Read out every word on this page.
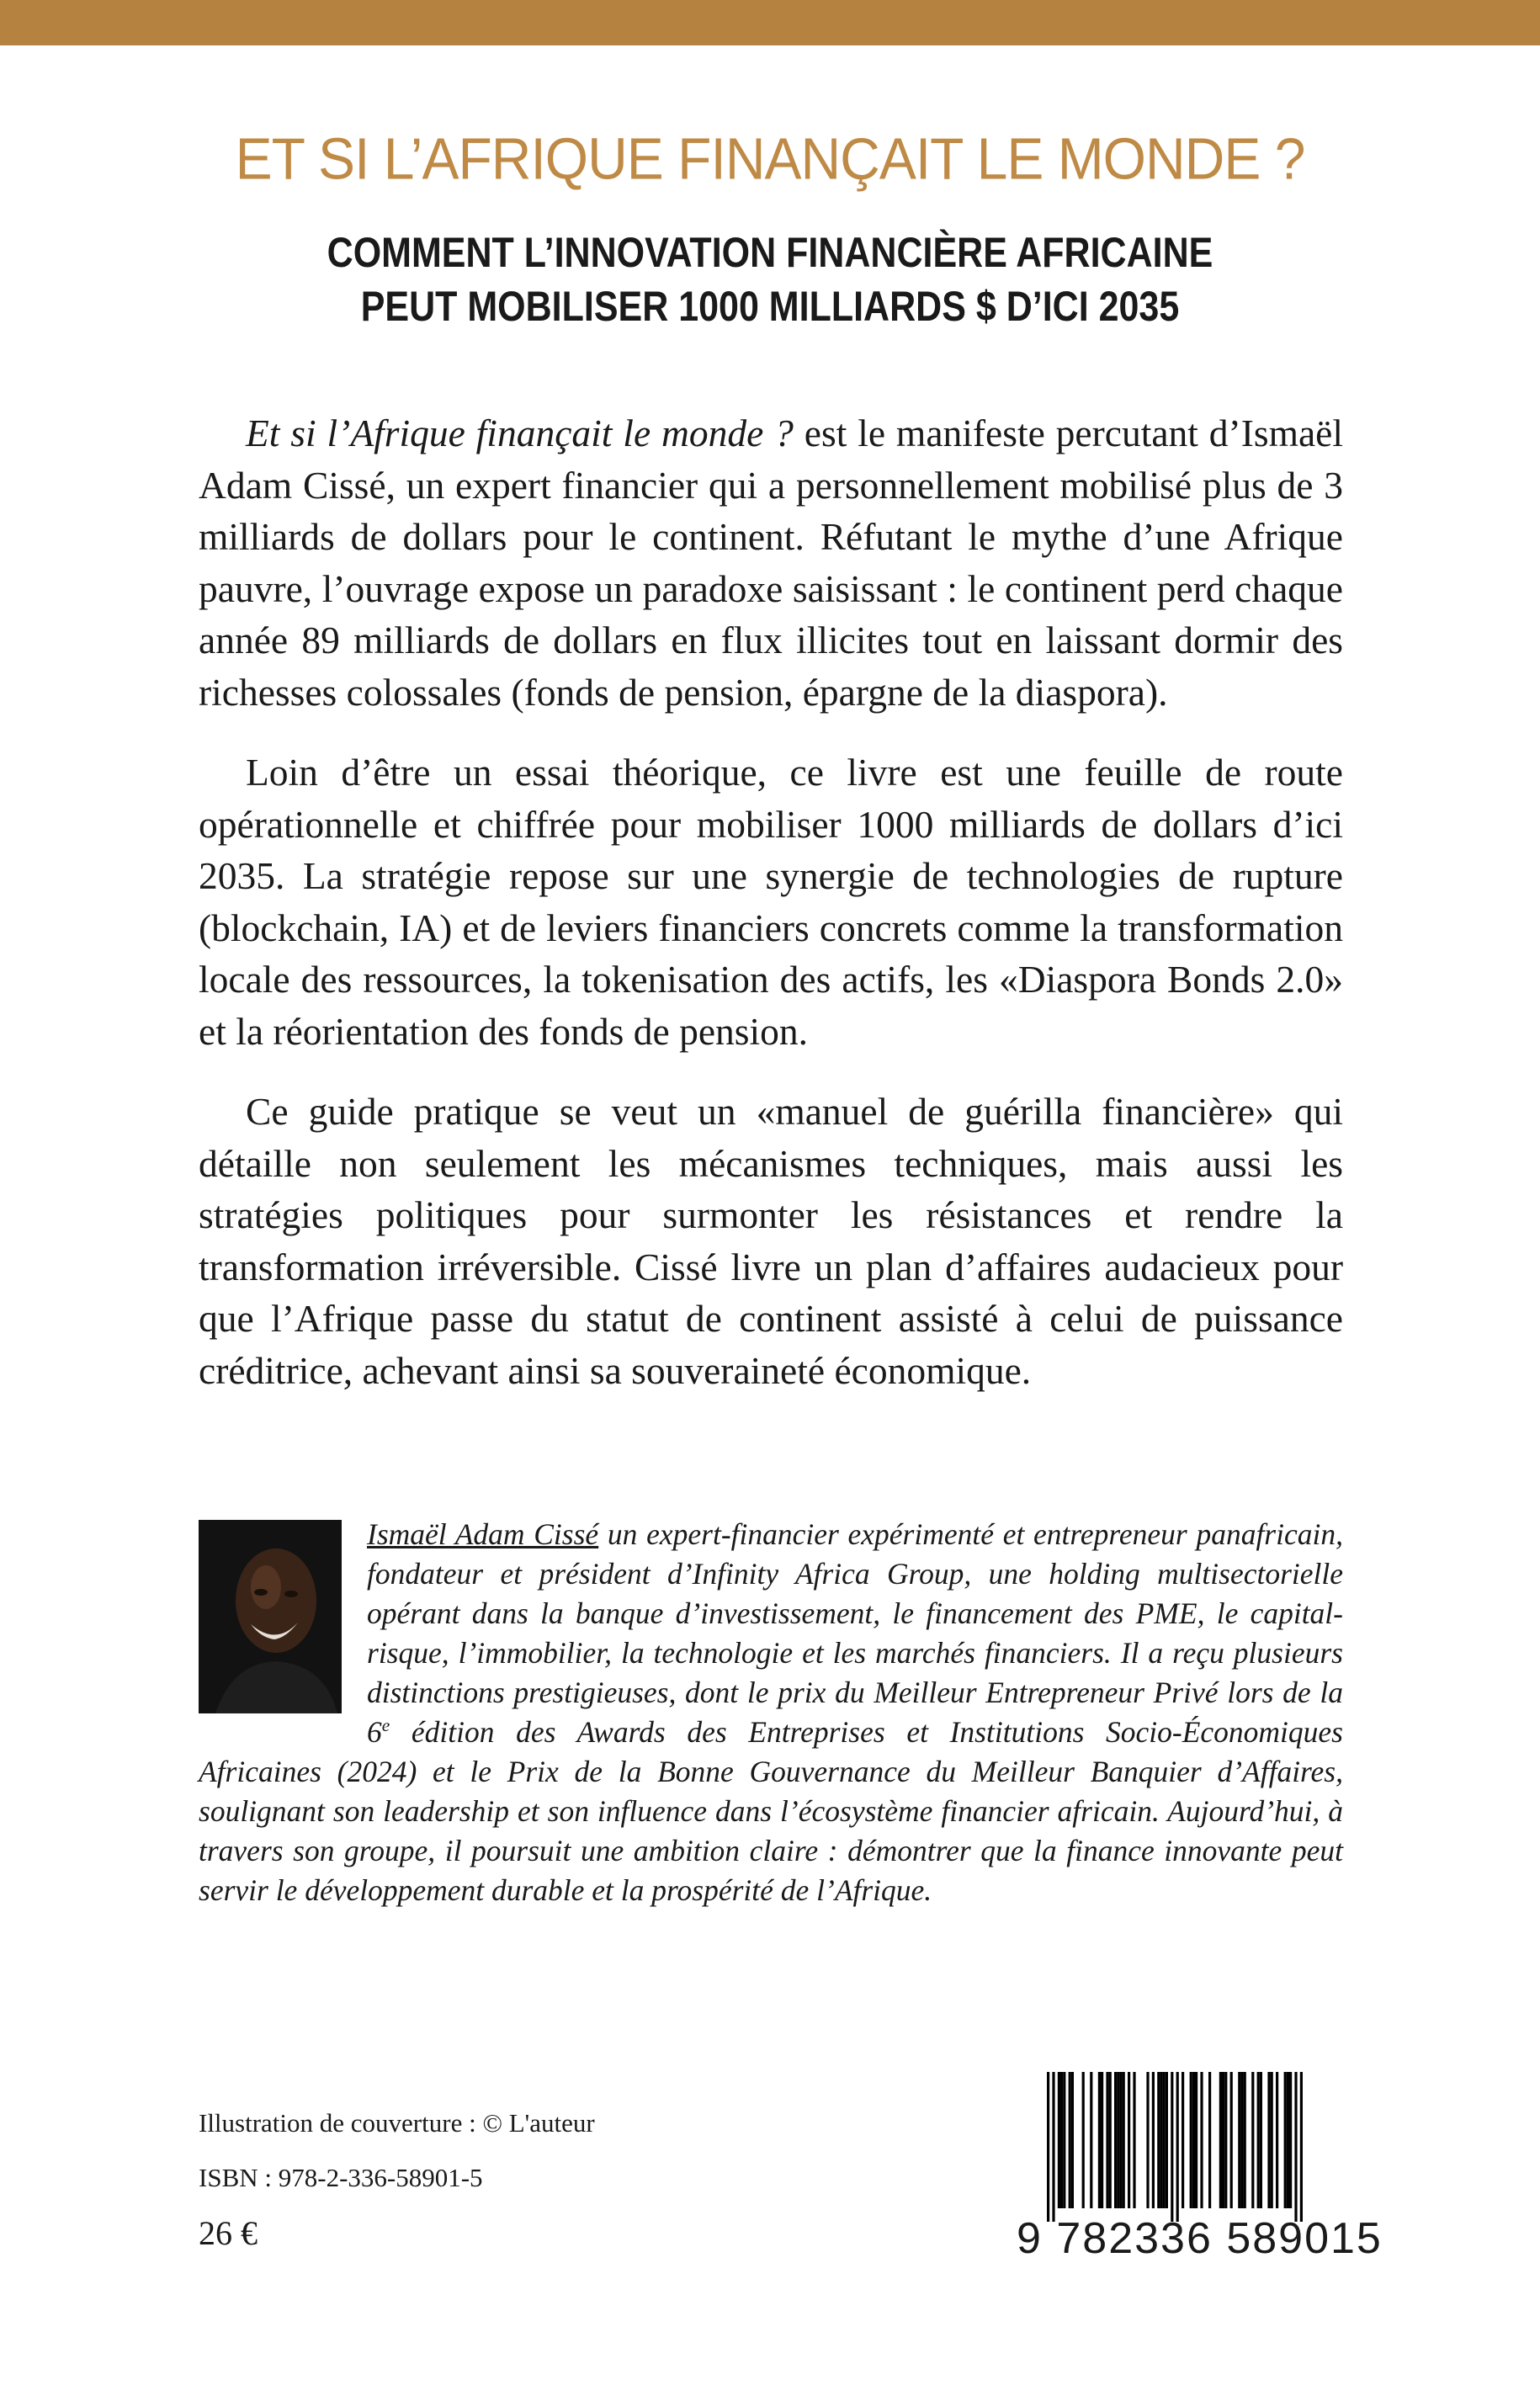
ET SI L’AFRIQUE FINANÇAIT LE MONDE ?
COMMENT L’INNOVATION FINANCIÈRE AFRICAINE
PEUT MOBILISER 1000 MILLIARDS $ D’ICI 2035

Et si l’Afrique finançait le monde ? est le manifeste percutant d’Ismaël Adam Cissé, un expert financier qui a personnellement mobilisé plus de 3 milliards de dollars pour le continent. Réfutant le mythe d’une Afrique pauvre, l’ouvrage expose un paradoxe saisissant : le continent perd chaque année 89 milliards de dollars en flux illicites tout en laissant dormir des richesses colossales (fonds de pension, épargne de la diaspora).

Loin d’être un essai théorique, ce livre est une feuille de route opérationnelle et chiffrée pour mobiliser 1000 milliards de dollars d’ici 2035. La stratégie repose sur une synergie de technologies de rupture (blockchain, IA) et de leviers financiers concrets comme la transformation locale des ressources, la tokenisation des actifs, les «Diaspora Bonds 2.0» et la réorientation des fonds de pension.

Ce guide pratique se veut un «manuel de guérilla financière» qui détaille non seulement les mécanismes techniques, mais aussi les stratégies politiques pour surmonter les résistances et rendre la transformation irréversible. Cissé livre un plan d’affaires audacieux pour que l’Afrique passe du statut de continent assisté à celui de puissance créditrice, achevant ainsi sa souveraineté économique.

Ismaël Adam Cissé un expert-financier expérimenté et entrepreneur panafricain, fondateur et président d’Infinity Africa Group, une holding multisectorielle opérant dans la banque d’investissement, le financement des PME, le capital-risque, l’immobilier, la technologie et les marchés financiers. Il a reçu plusieurs distinctions prestigieuses, dont le prix du Meilleur Entrepreneur Privé lors de la 6e édition des Awards des Entreprises et Institutions Socio-Économiques Africaines (2024) et le Prix de la Bonne Gouvernance du Meilleur Banquier d’Affaires, soulignant son leadership et son influence dans l’écosystème financier africain. Aujourd’hui, à travers son groupe, il poursuit une ambition claire : démontrer que la finance innovante peut servir le développement durable et la prospérité de l’Afrique.
Illustration de couverture : © L'auteur
ISBN : 978-2-336-58901-5
26 €	9 782336 589015
